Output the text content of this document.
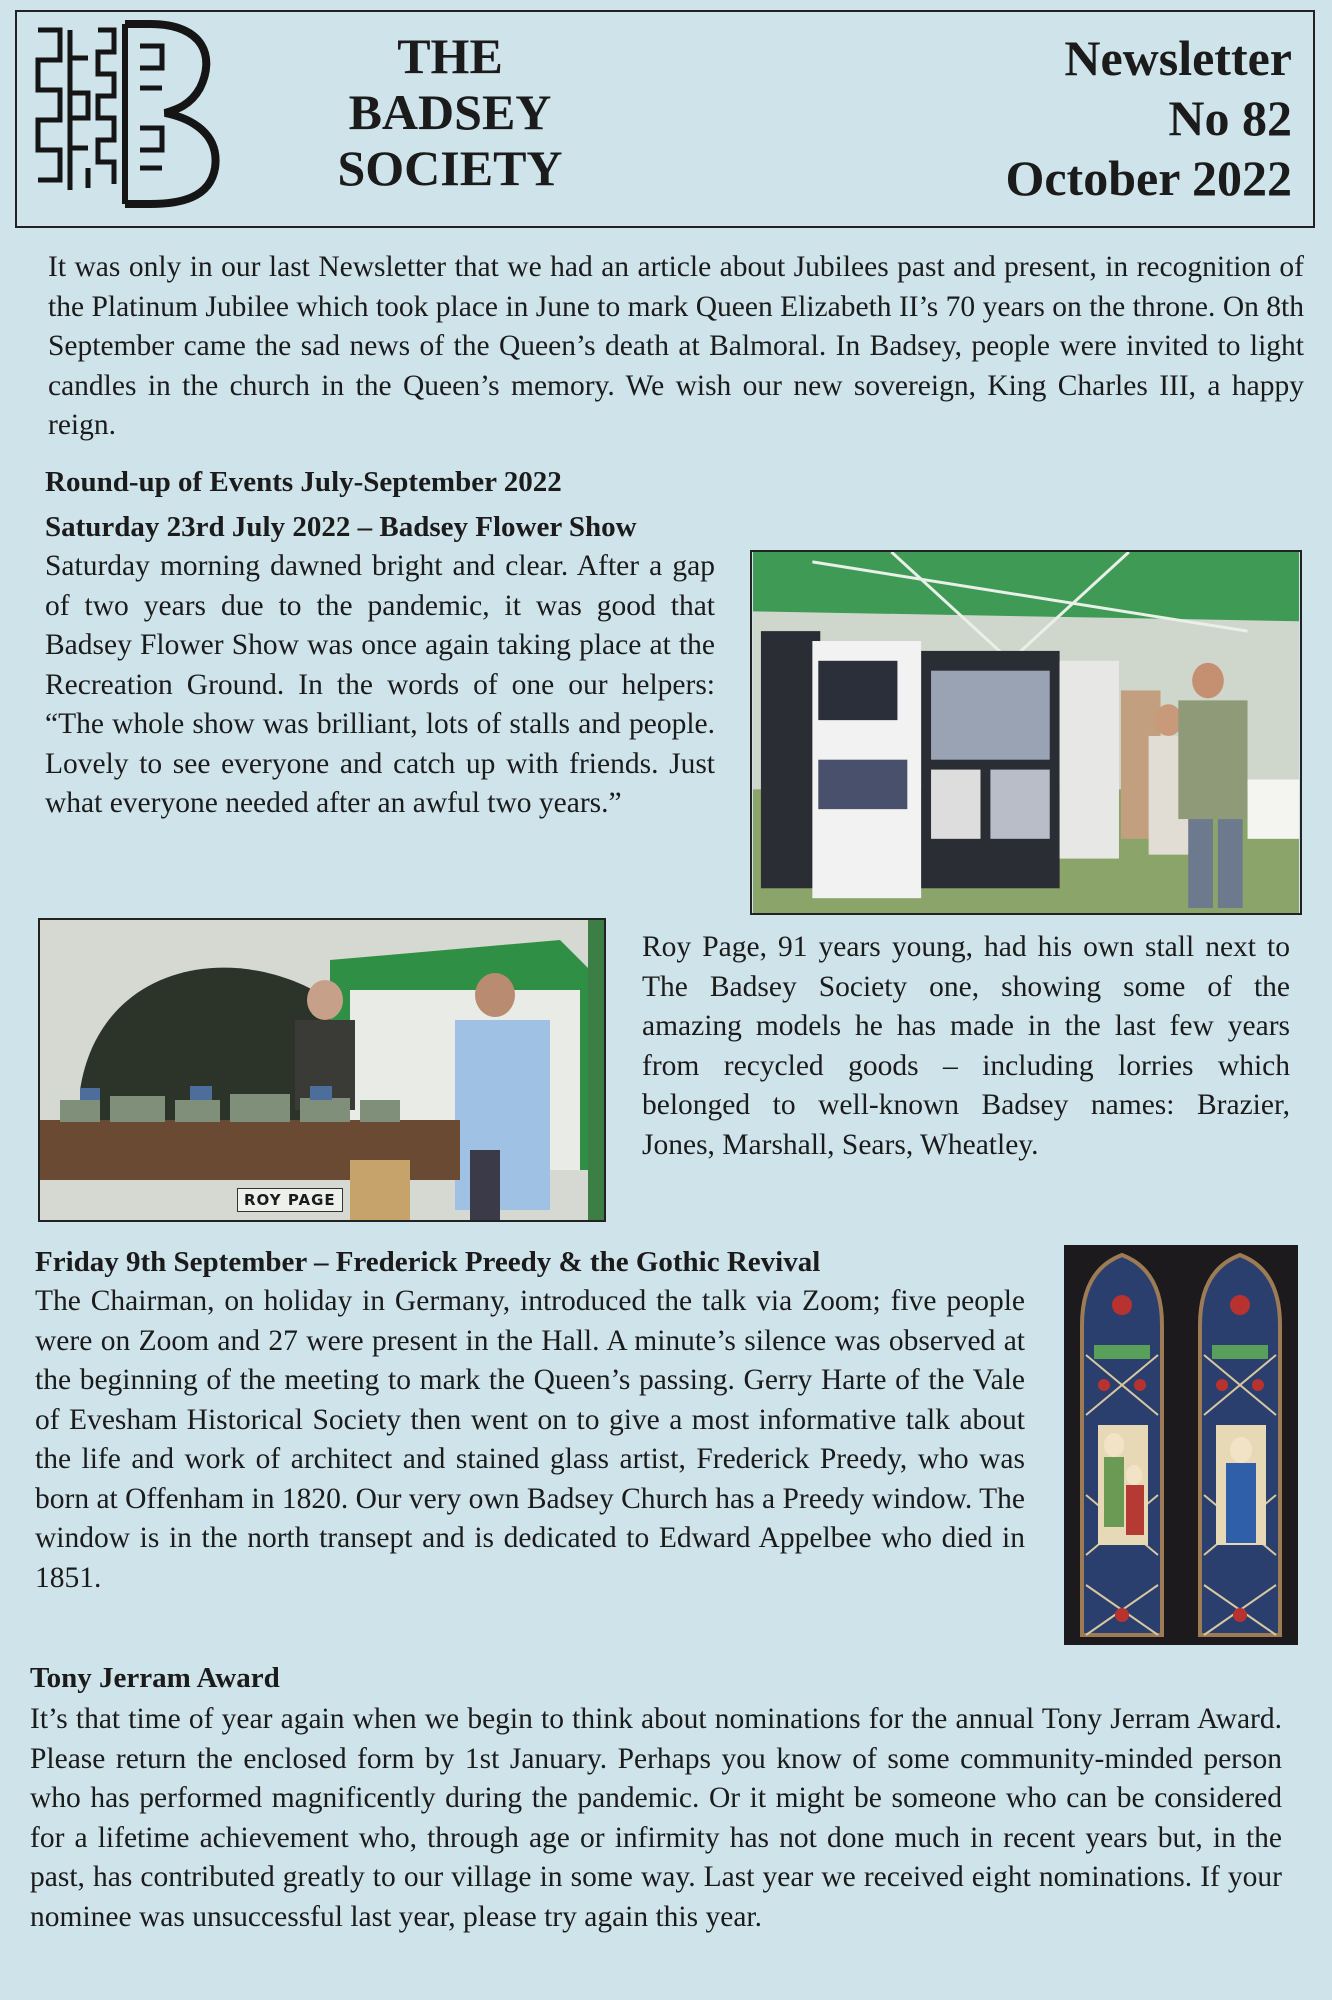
BADSEY SOCIETY
THE
BADSEY
SOCIETY
Newsletter
No 82
October 2022

It was only in our last Newsletter that we had an article about Jubilees past and present, in recognition of the Platinum Jubilee which took place in June to mark Queen Elizabeth II’s 70 years on the throne. On 8th September came the sad news of the Queen’s death at Balmoral. In Badsey, people were invited to light candles in the church in the Queen’s memory. We wish our new sovereign, King Charles III, a happy reign.

Round-up of Events July-September 2022

Saturday 23rd July 2022 – Badsey Flower Show

Saturday morning dawned bright and clear. After a gap of two years due to the pandemic, it was good that Badsey Flower Show was once again taking place at the Recreation Ground. In the words of one our helpers: “The whole show was brilliant, lots of stalls and people. Lovely to see everyone and catch up with friends. Just what everyone needed after an awful two years.”

ROY PAGE

Roy Page, 91 years young, had his own stall next to The Badsey Society one, showing some of the amazing models he has made in the last few years from recycled goods – including lorries which belonged to well-known Badsey names: Brazier, Jones, Marshall, Sears, Wheatley.

Friday 9th September – Frederick Preedy & the Gothic Revival

The Chairman, on holiday in Germany, introduced the talk via Zoom; five people were on Zoom and 27 were present in the Hall. A minute’s silence was observed at the beginning of the meeting to mark the Queen’s passing. Gerry Harte of the Vale of Evesham Historical Society then went on to give a most informative talk about the life and work of architect and stained glass artist, Frederick Preedy, who was born at Offenham in 1820. Our very own Badsey Church has a Preedy window. The window is in the north transept and is dedicated to Edward Appelbee who died in 1851.

Tony Jerram Award

It’s that time of year again when we begin to think about nominations for the annual Tony Jerram Award. Please return the enclosed form by 1st January. Perhaps you know of some community-minded person who has performed magnificently during the pandemic. Or it might be someone who can be considered for a lifetime achievement who, through age or infirmity has not done much in recent years but, in the past, has contributed greatly to our village in some way. Last year we received eight nominations. If your nominee was unsuccessful last year, please try again this year.
